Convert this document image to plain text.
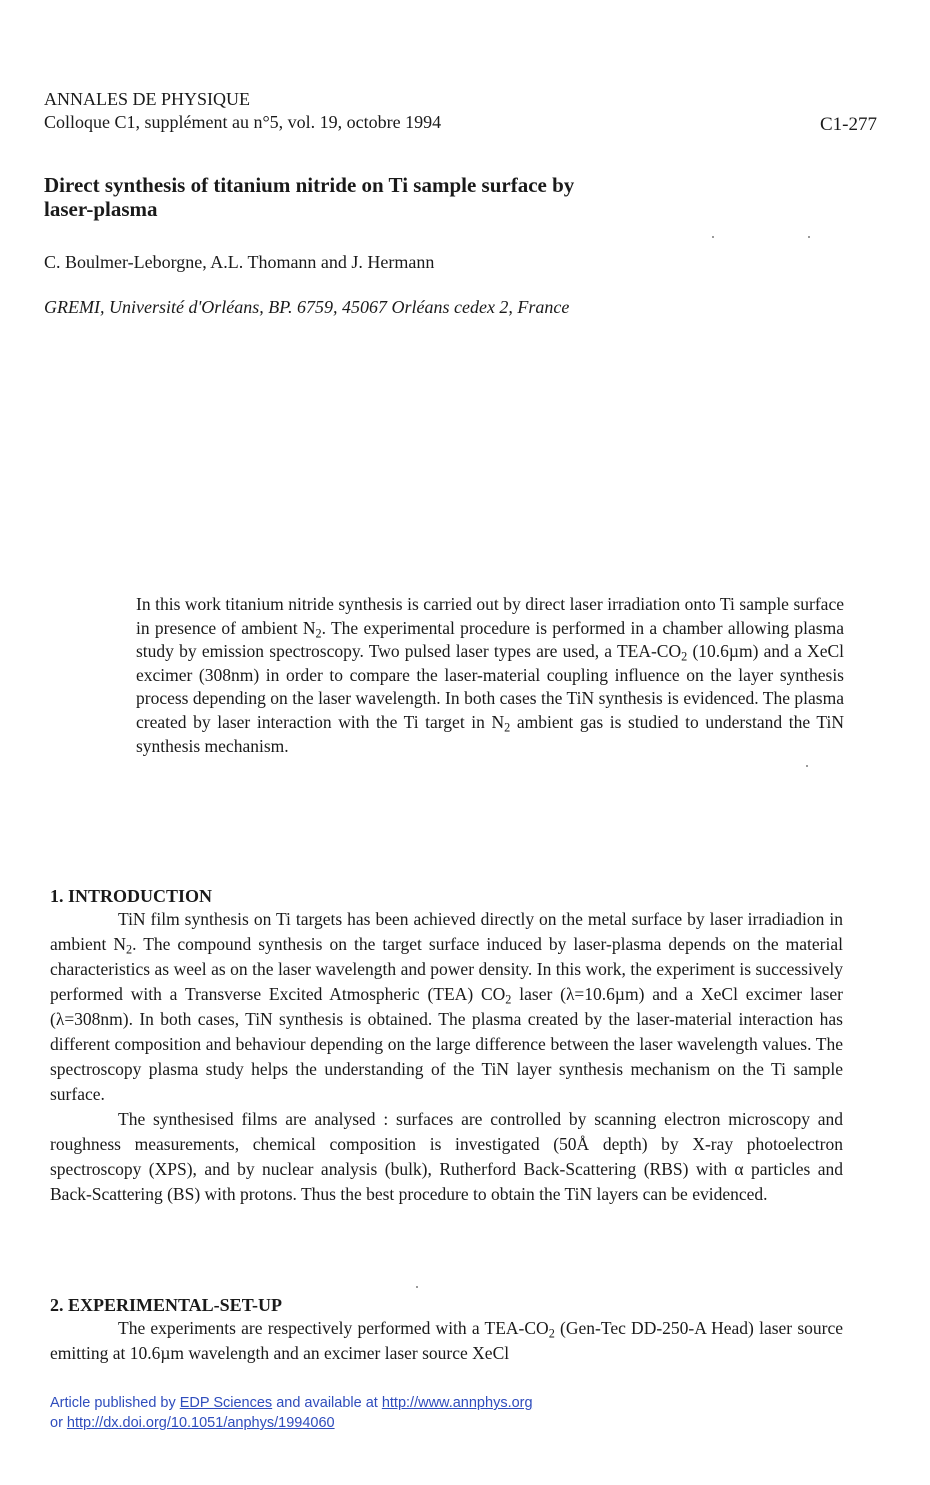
ANNALES DE PHYSIQUE
Colloque C1, supplément au n°5, vol. 19, octobre 1994	C1-277
Direct synthesis of titanium nitride on Ti sample surface by
laser-plasma
C. Boulmer-Leborgne, A.L. Thomann and J. Hermann
GREMI, Université d'Orléans, BP. 6759, 45067 Orléans cedex 2, France

In this work titanium nitride synthesis is carried out by direct laser irradiation onto Ti sample surface in presence of ambient $N_2$. The experimental procedure is performed in a chamber allowing plasma study by emission spectroscopy. Two pulsed laser types are used, a TEA-$CO_2$ (10.6µm) and a XeCl excimer (308nm) in order to compare the laser-material coupling influence on the layer synthesis process depending on the laser wavelength. In both cases the TiN synthesis is evidenced. The plasma created by laser interaction with the Ti target in $N_2$ ambient gas is studied to understand the TiN synthesis mechanism.

1. INTRODUCTION

TiN film synthesis on Ti targets has been achieved directly on the metal surface by laser irradiadion in ambient $N_2$. The compound synthesis on the target surface induced by laser-plasma depends on the material characteristics as weel as on the laser wavelength and power density. In this work, the experiment is successively performed with a Transverse Excited Atmospheric (TEA) $CO_2$ laser (λ=10.6µm) and a XeCl excimer laser (λ=308nm). In both cases, TiN synthesis is obtained. The plasma created by the laser-material interaction has different composition and behaviour depending on the large difference between the laser wavelength values. The spectroscopy plasma study helps the understanding of the TiN layer synthesis mechanism on the Ti sample surface.

The synthesised films are analysed : surfaces are controlled by scanning electron microscopy and roughness measurements, chemical composition is investigated (50Å depth) by X-ray photoelectron spectroscopy (XPS), and by nuclear analysis (bulk), Rutherford Back-Scattering (RBS) with α particles and Back-Scattering (BS) with protons. Thus the best procedure to obtain the TiN layers can be evidenced.

2. EXPERIMENTAL-SET-UP

The experiments are respectively performed with a TEA-$CO_2$ (Gen-Tec DD-250-A Head) laser source emitting at 10.6µm wavelength and an excimer laser source XeCl

Article published by EDP Sciences and available at http://www.annphys.org
or http://dx.doi.org/10.1051/anphys/1994060
